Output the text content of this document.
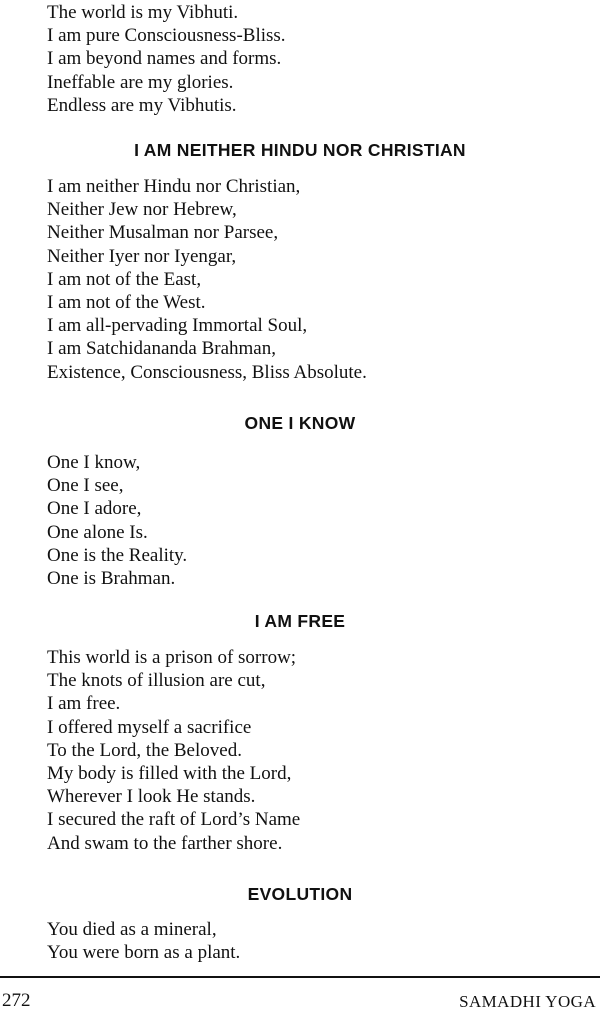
The world is my Vibhuti.
I am pure Consciousness-Bliss.
I am beyond names and forms.
Ineffable are my glories.
Endless are my Vibhutis.
I AM NEITHER HINDU NOR CHRISTIAN
I am neither Hindu nor Christian,
Neither Jew nor Hebrew,
Neither Musalman nor Parsee,
Neither Iyer nor Iyengar,
I am not of the East,
I am not of the West.
I am all-pervading Immortal Soul,
I am Satchidananda Brahman,
Existence, Consciousness, Bliss Absolute.
ONE I KNOW
One I know,
One I see,
One I adore,
One alone Is.
One is the Reality.
One is Brahman.
I AM FREE
This world is a prison of sorrow;
The knots of illusion are cut,
I am free.
I offered myself a sacrifice
To the Lord, the Beloved.
My body is filled with the Lord,
Wherever I look He stands.
I secured the raft of Lord’s Name
And swam to the farther shore.
EVOLUTION
You died as a mineral,
You were born as a plant.
272	SAMADHI YOGA
